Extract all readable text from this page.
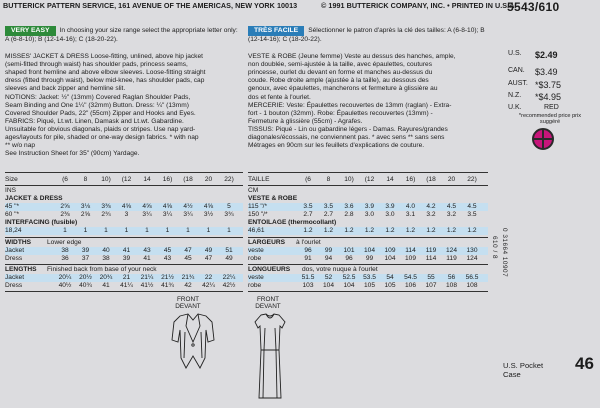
BUTTERICK PATTERN SERVICE, 161 AVENUE OF THE AMERICAS, NEW YORK 10013	© 1991 BUTTERICK COMPANY, INC. • PRINTED IN U.S.A.
5543/610

VERY EASY In choosing your size range select the appropriate letter only: A (6-8-10); B (12-14-16); C (18-20-22).

MISSES' JACKET & DRESS Loose-fitting, unlined, above hip jacket

(semi-fitted through waist) has shoulder pads, princess seams,

shaped front hemline and above elbow sleeves. Loose-fitting straight

dress (fitted through waist), below mid-knee, has shoulder pads, cap

sleeves and back zipper and hemline slit.

NOTIONS: Jacket: ½" (13mm) Covered Raglan Shoulder Pads,

Seam Binding and One 1¼" (32mm) Button. Dress: ¼" (13mm)

Covered Shoulder Pads, 22" (55cm) Zipper and Hooks and Eyes.

FABRICS: Piqué, Lt.wt. Linen, Damask and Lt.wt. Gabardine.

Unsuitable for obvious diagonals, plaids or stripes. Use nap yard-

ages/layouts for pile, shaded or one-way design fabrics. * with nap

** w/o nap

See Instruction Sheet for 35" (90cm) Yardage.

TRÈS FACILE Sélectionner le patron d'après la clé des tailles: A (6-8-10); B (12-14-16); C (18-20-22).

VESTE & ROBE (Jeune femme) Veste au dessus des hanches, ample,

non doublée, semi-ajustée à la taille, avec épaulettes, coutures

princesse, ourlet du devant en forme et manches au-dessus du

coude. Robe droite ample (ajustée à la taille), au dessous des

genoux, avec épaulettes, mancherons et fermeture à glissière au

dos et fente à l'ourlet.

MERCERIE: Veste: Épaulettes recouvertes de 13mm (raglan) - Extra-

fort - 1 bouton (32mm). Robe: Épaulettes recouvertes (13mm) -

Fermeture à glissière (55cm) - Agrafes.

TISSUS: Piqué - Lin ou gabardine légers - Damas. Rayures/grandes

diagonales/écossais, ne conviennent pas. * avec sens ** sans sens

Métrages en 90cm sur les feuillets d'explications de couture.

U.S. $2.49
CAN. $3.49
AUST. *$3.75
N.Z. *$4.95
U.K.	RED
*recommended price prix suggéré
Size	(6	8	10)	(12	14	16)	(18	20	22)
INS
JACKET & DRESS
45 "*	2⅝	3⅛	3⅜	4⅝	4⅝	4⅝	4½	4⅝	5
60 "*	2⅜	2⅝	2¾	3	3¼	3¼	3¼	3½	3¾
INTERFACING (fusible)
18,24	1	1	1	1	1	1	1	1	1
WIDTHS Lower edge
Jacket	38	39	40	41	43	45	47	49	51
Dress	36	37	38	39	41	43	45	47	49
LENGTHS Finished back from base of your neck
Jacket	20¼	20½	20¾	21	21¼	21½	21¾	22	22¼
Dress	40½	40¾	41	41¼	41½	41¾	42	42¼	42½
TAILLE	(6	8	10)	(12	14	16)	(18	20	22)
CM
VESTE & ROBE
115 "/*	3.5	3.5	3.6	3.9	3.9	4.0	4.2	4.5	4.5
150 "/*	2.7	2.7	2.8	3.0	3.0	3.1	3.2	3.2	3.5
ENTOILAGE (thermocollant)
46,61	1.2	1.2	1.2	1.2	1.2	1.2	1.2	1.2	1.2
LARGEURS à l'ourlet
veste	96	99	101	104	109	114	119	124	130
robe	91	94	96	99	104	109	114	119	124
LONGUEURS dos, votre nuque à l'ourlet
veste	51.5	52	52.5	53.5	54	54.5	55	56	56.5
robe	103	104	104	105	105	106	107	108	108
0 31664 10907
610 / 8
FRONT
DEVANT
FRONT
DEVANT
U.S. Pocket
Case
46
